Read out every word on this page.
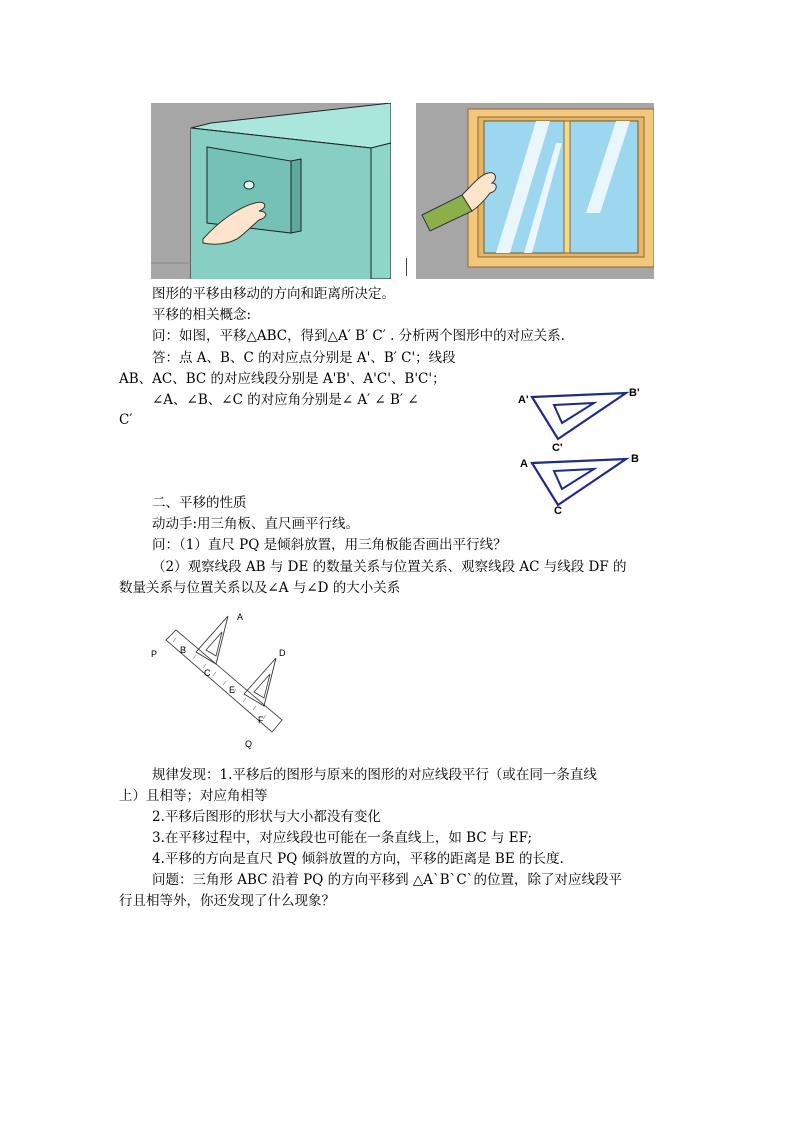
图形的平移由移动的方向和距离所决定。
平移的相关概念:
问：如图，平移△ABC，得到△A′ B′ C′ . 分析两个图形中的对应关系.
答：点 A、B、C 的对应点分别是 A'、B′ C'；线段
AB、AC、BC 的对应线段分别是 A'B'、A'C'、B'C'；
∠A、∠B、∠C 的对应角分别是∠ A′ ∠ B′ ∠
C′
A'
B'
C'
A	B
C
二、平移的性质
动动手:用三角板、直尺画平行线。
问：（1）直尺 PQ 是倾斜放置，用三角板能否画出平行线？
（2）观察线段 AB 与 DE 的数量关系与位置关系、观察线段 AC 与线段 DF 的
数量关系与位置关系以及∠A 与∠D 的大小关系
A
B
C
D
E
F
P
Q
规律发现：1.平移后的图形与原来的图形的对应线段平行（或在同一条直线
上）且相等；对应角相等
2.平移后图形的形状与大小都没有变化
3.在平移过程中，对应线段也可能在一条直线上，如 BC 与 EF;
4.平移的方向是直尺 PQ 倾斜放置的方向，平移的距离是 BE 的长度.
问题：三角形 ABC 沿着 PQ 的方向平移到 △A`B`C`的位置，除了对应线段平
行且相等外，你还发现了什么现象？
